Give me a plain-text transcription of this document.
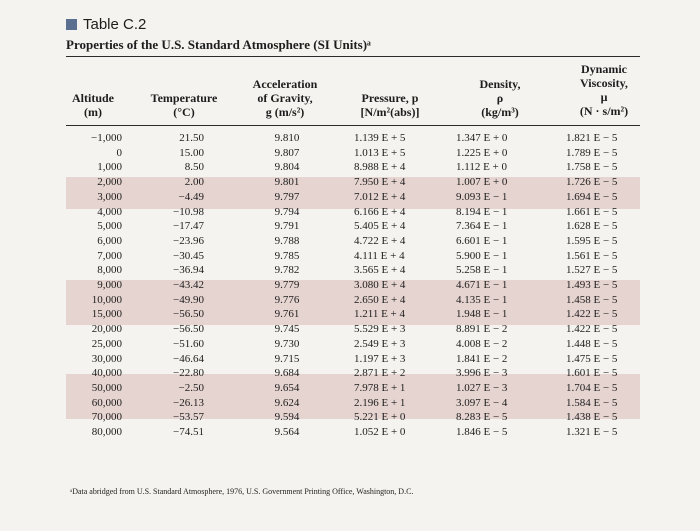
Table C.2
Properties of the U.S. Standard Atmosphere (SI Units)ᵃ
Altitude
(m)
Temperature
(°C)
Acceleration
of Gravity,
g (m/s²)
Pressure, p
[N/m²(abs)]
Density,
ρ
(kg/m³)
Dynamic
Viscosity,
μ
(N · s/m²)
−1,000
0
1,000
2,000
3,000
4,000
5,000
6,000
7,000
8,000
9,000
10,000
15,000
20,000
25,000
30,000
40,000
50,000
60,000
70,000
80,000
21.50
15.00
8.50
2.00
−4.49
−10.98
−17.47
−23.96
−30.45
−36.94
−43.42
−49.90
−56.50
−56.50
−51.60
−46.64
−22.80
−2.50
−26.13
−53.57
−74.51
9.810
9.807
9.804
9.801
9.797
9.794
9.791
9.788
9.785
9.782
9.779
9.776
9.761
9.745
9.730
9.715
9.684
9.654
9.624
9.594
9.564
1.139 E + 5
1.013 E + 5
8.988 E + 4
7.950 E + 4
7.012 E + 4
6.166 E + 4
5.405 E + 4
4.722 E + 4
4.111 E + 4
3.565 E + 4
3.080 E + 4
2.650 E + 4
1.211 E + 4
5.529 E + 3
2.549 E + 3
1.197 E + 3
2.871 E + 2
7.978 E + 1
2.196 E + 1
5.221 E + 0
1.052 E + 0
1.347 E + 0
1.225 E + 0
1.112 E + 0
1.007 E + 0
9.093 E − 1
8.194 E − 1
7.364 E − 1
6.601 E − 1
5.900 E − 1
5.258 E − 1
4.671 E − 1
4.135 E − 1
1.948 E − 1
8.891 E − 2
4.008 E − 2
1.841 E − 2
3.996 E − 3
1.027 E − 3
3.097 E − 4
8.283 E − 5
1.846 E − 5
1.821 E − 5
1.789 E − 5
1.758 E − 5
1.726 E − 5
1.694 E − 5
1.661 E − 5
1.628 E − 5
1.595 E − 5
1.561 E − 5
1.527 E − 5
1.493 E − 5
1.458 E − 5
1.422 E − 5
1.422 E − 5
1.448 E − 5
1.475 E − 5
1.601 E − 5
1.704 E − 5
1.584 E − 5
1.438 E − 5
1.321 E − 5
ᵃData abridged from U.S. Standard Atmosphere, 1976, U.S. Government Printing Office, Washington, D.C.
